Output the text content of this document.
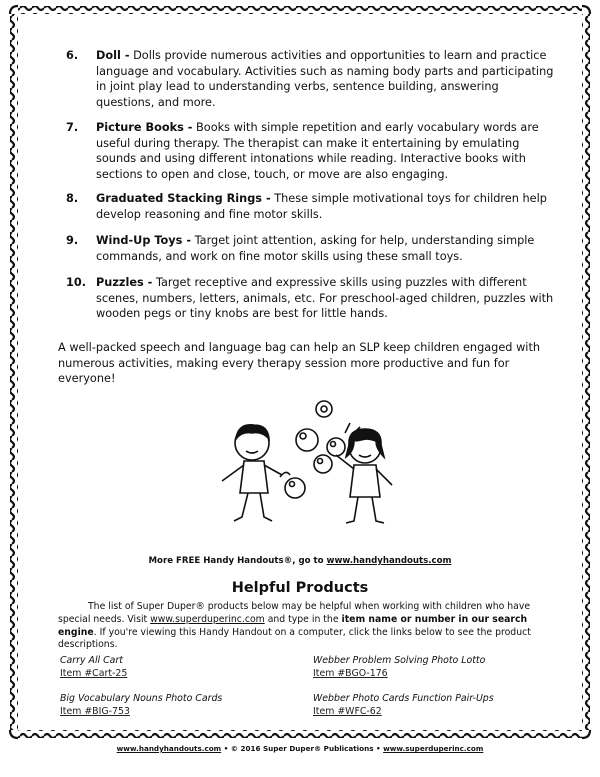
6. Doll - Dolls provide numerous activities and opportunities to learn and practice language and vocabulary. Activities such as naming body parts and participating in joint play lead to understanding verbs, sentence building, answering questions, and more.
7. Picture Books - Books with simple repetition and early vocabulary words are useful during therapy. The therapist can make it entertaining by emulating sounds and using different intonations while reading. Interactive books with sections to open and close, touch, or move are also engaging.
8. Graduated Stacking Rings - These simple motivational toys for children help develop reasoning and fine motor skills.
9. Wind-Up Toys - Target joint attention, asking for help, understanding simple commands, and work on fine motor skills using these small toys.
10. Puzzles - Target receptive and expressive skills using puzzles with different scenes, numbers, letters, animals, etc. For preschool-aged children, puzzles with wooden pegs or tiny knobs are best for little hands.
A well-packed speech and language bag can help an SLP keep children engaged with numerous activities, making every therapy session more productive and fun for everyone!
More FREE Handy Handouts®, go to www.handyhandouts.com
Helpful Products
The list of Super Duper® products below may be helpful when working with children who have special needs. Visit www.superduperinc.com and type in the item name or number in our search engine. If you're viewing this Handy Handout on a computer, click the links below to see the product descriptions.
Carry All Cart
Item #Cart-25
Webber Problem Solving Photo Lotto
Item #BGO-176
Big Vocabulary Nouns Photo Cards
Item #BIG-753
Webber Photo Cards Function Pair-Ups
Item #WFC-62
www.handyhandouts.com • © 2016 Super Duper® Publications • www.superduperinc.com
